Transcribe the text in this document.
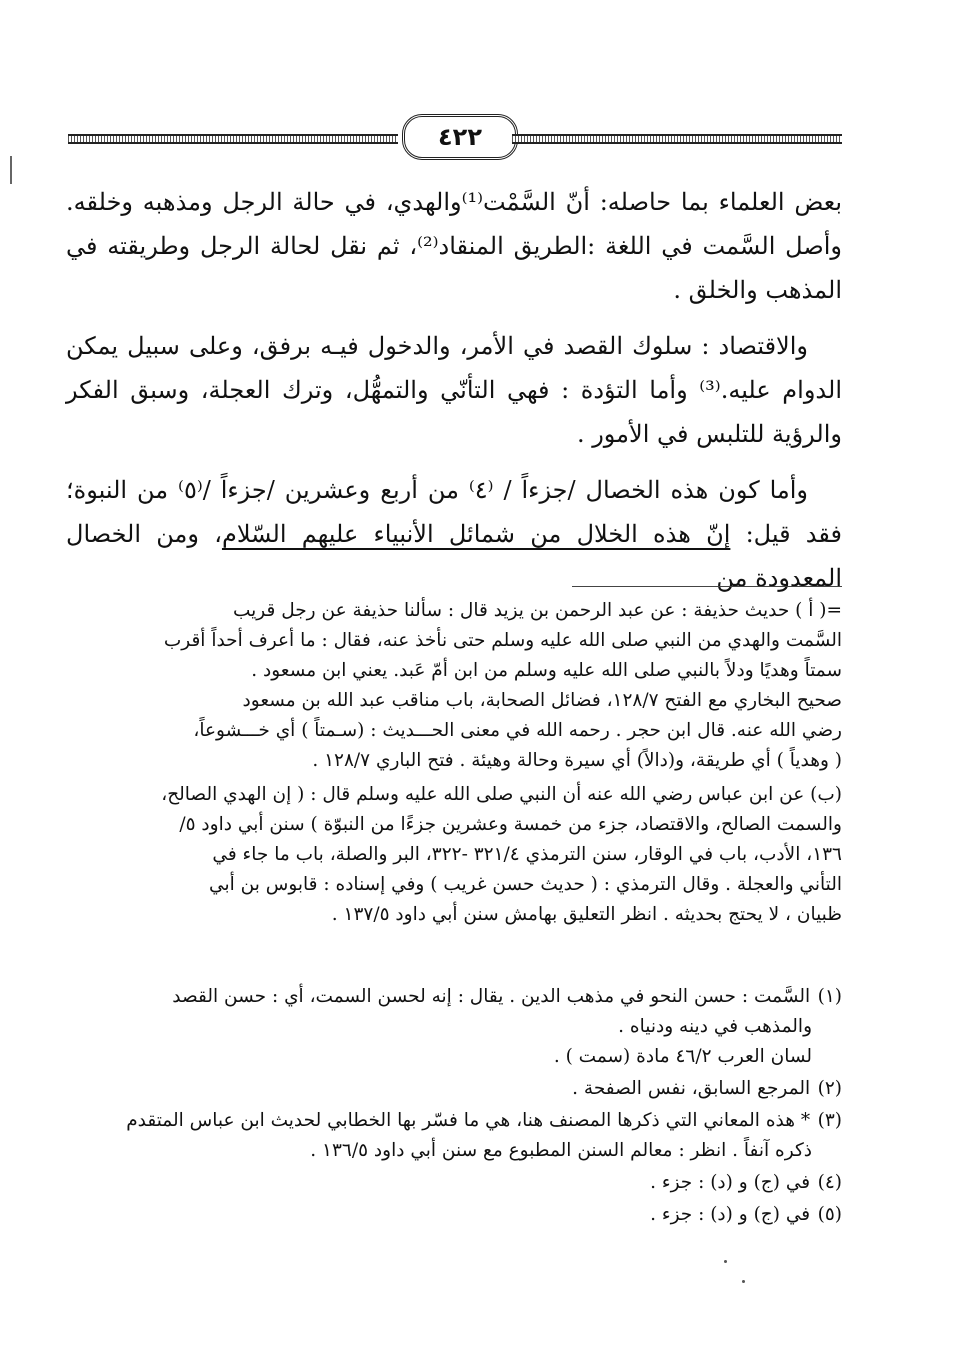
٤٢٢

بعض العلماء بما حاصله: أنّ السَّمْت⁽¹⁾والهدي، في حالة الرجل ومذهبه وخلقه. وأصل السَّمت في اللغة :الطريق المنقاد⁽²⁾، ثم نقل لحالة الرجل وطريقته في المذهب والخلق .

والاقتصاد : سلوك القصد في الأمر، والدخول فيـه برفق، وعلى سبيل يمكن الدوام عليه.⁽³⁾ وأما التؤدة : فهي التأنّي والتمهُّل، وترك العجلة، وسبق الفكر والرؤية للتلبس في الأمور .

وأما كون هذه الخصال /جزءاً / ⁽٤⁾ من أربع وعشرين /جزءاً /⁽٥⁾ من النبوة؛ فقد قيل: إنّ هذه الخلال من شمائل الأنبياء عليهم السّلام، ومن الخصال المعدودة من

=( أ ) حديث حذيفة : عن عبد الرحمن بن يزيد قال : سألنا حذيفة عن رجل قريب
السَّمت والهدي من النبي صلى الله عليه وسلم حتى نأخذ عنه، فقال : ما أعرف أحداً أقرب
سمتاً وهديًا ودلاً بالنبي صلى الله عليه وسلم من ابن أمّ عَبد. يعني ابن مسعود .
صحيح البخاري مع الفتح ١٢٨/٧، فضائل الصحابة، باب مناقب عبد الله بن مسعود
رضي الله عنه. قال ابن حجر . رحمه الله في معنى الحـــديث : (سـمتاً ) أي خـــشوعاً،
( وهدياً ) أي طريقة، و(دالاً) أي سيرة وحالة وهيئة . فتح الباري ١٢٨/٧ .
(ب) عن ابن عباس رضي الله عنه أن النبي صلى الله عليه وسلم قال : ( إن الهدي الصالح،
والسمت الصالح، والاقتصاد، جزء من خمسة وعشرين جزءًا من النبوّة ) سنن أبي داود ٥/
١٣٦، الأدب، باب في الوقار، سنن الترمذي ٣٢١/٤ -٣٢٢، البر والصلة، باب ما جاء في
التأني والعجلة . وقال الترمذي : ( حديث حسن غريب ) وفي إسناده : قابوس بن أبي
ظبيان ، لا يحتج بحديثه . انظر التعليق بهامش سنن أبي داود ١٣٧/٥ .
(١) السَّمت : حسن النحو في مذهب الدين . يقال : إنه لحسن السمت، أي : حسن القصد
والمذهب في دينه ودنياه .
لسان العرب ٤٦/٢ مادة (سمت ) .
(٢) المرجع السابق، نفس الصفحة .
(٣) * هذه المعاني التي ذكرها المصنف هنا، هي ما فسّر بها الخطابي لحديث ابن عباس المتقدم
ذكره آنفاً . انظر : معالم السنن المطبوع مع سنن أبي داود ١٣٦/٥ .
(٤) في (ج) و (د) : جزء .
(٥) في (ج) و (د) : جزء .
